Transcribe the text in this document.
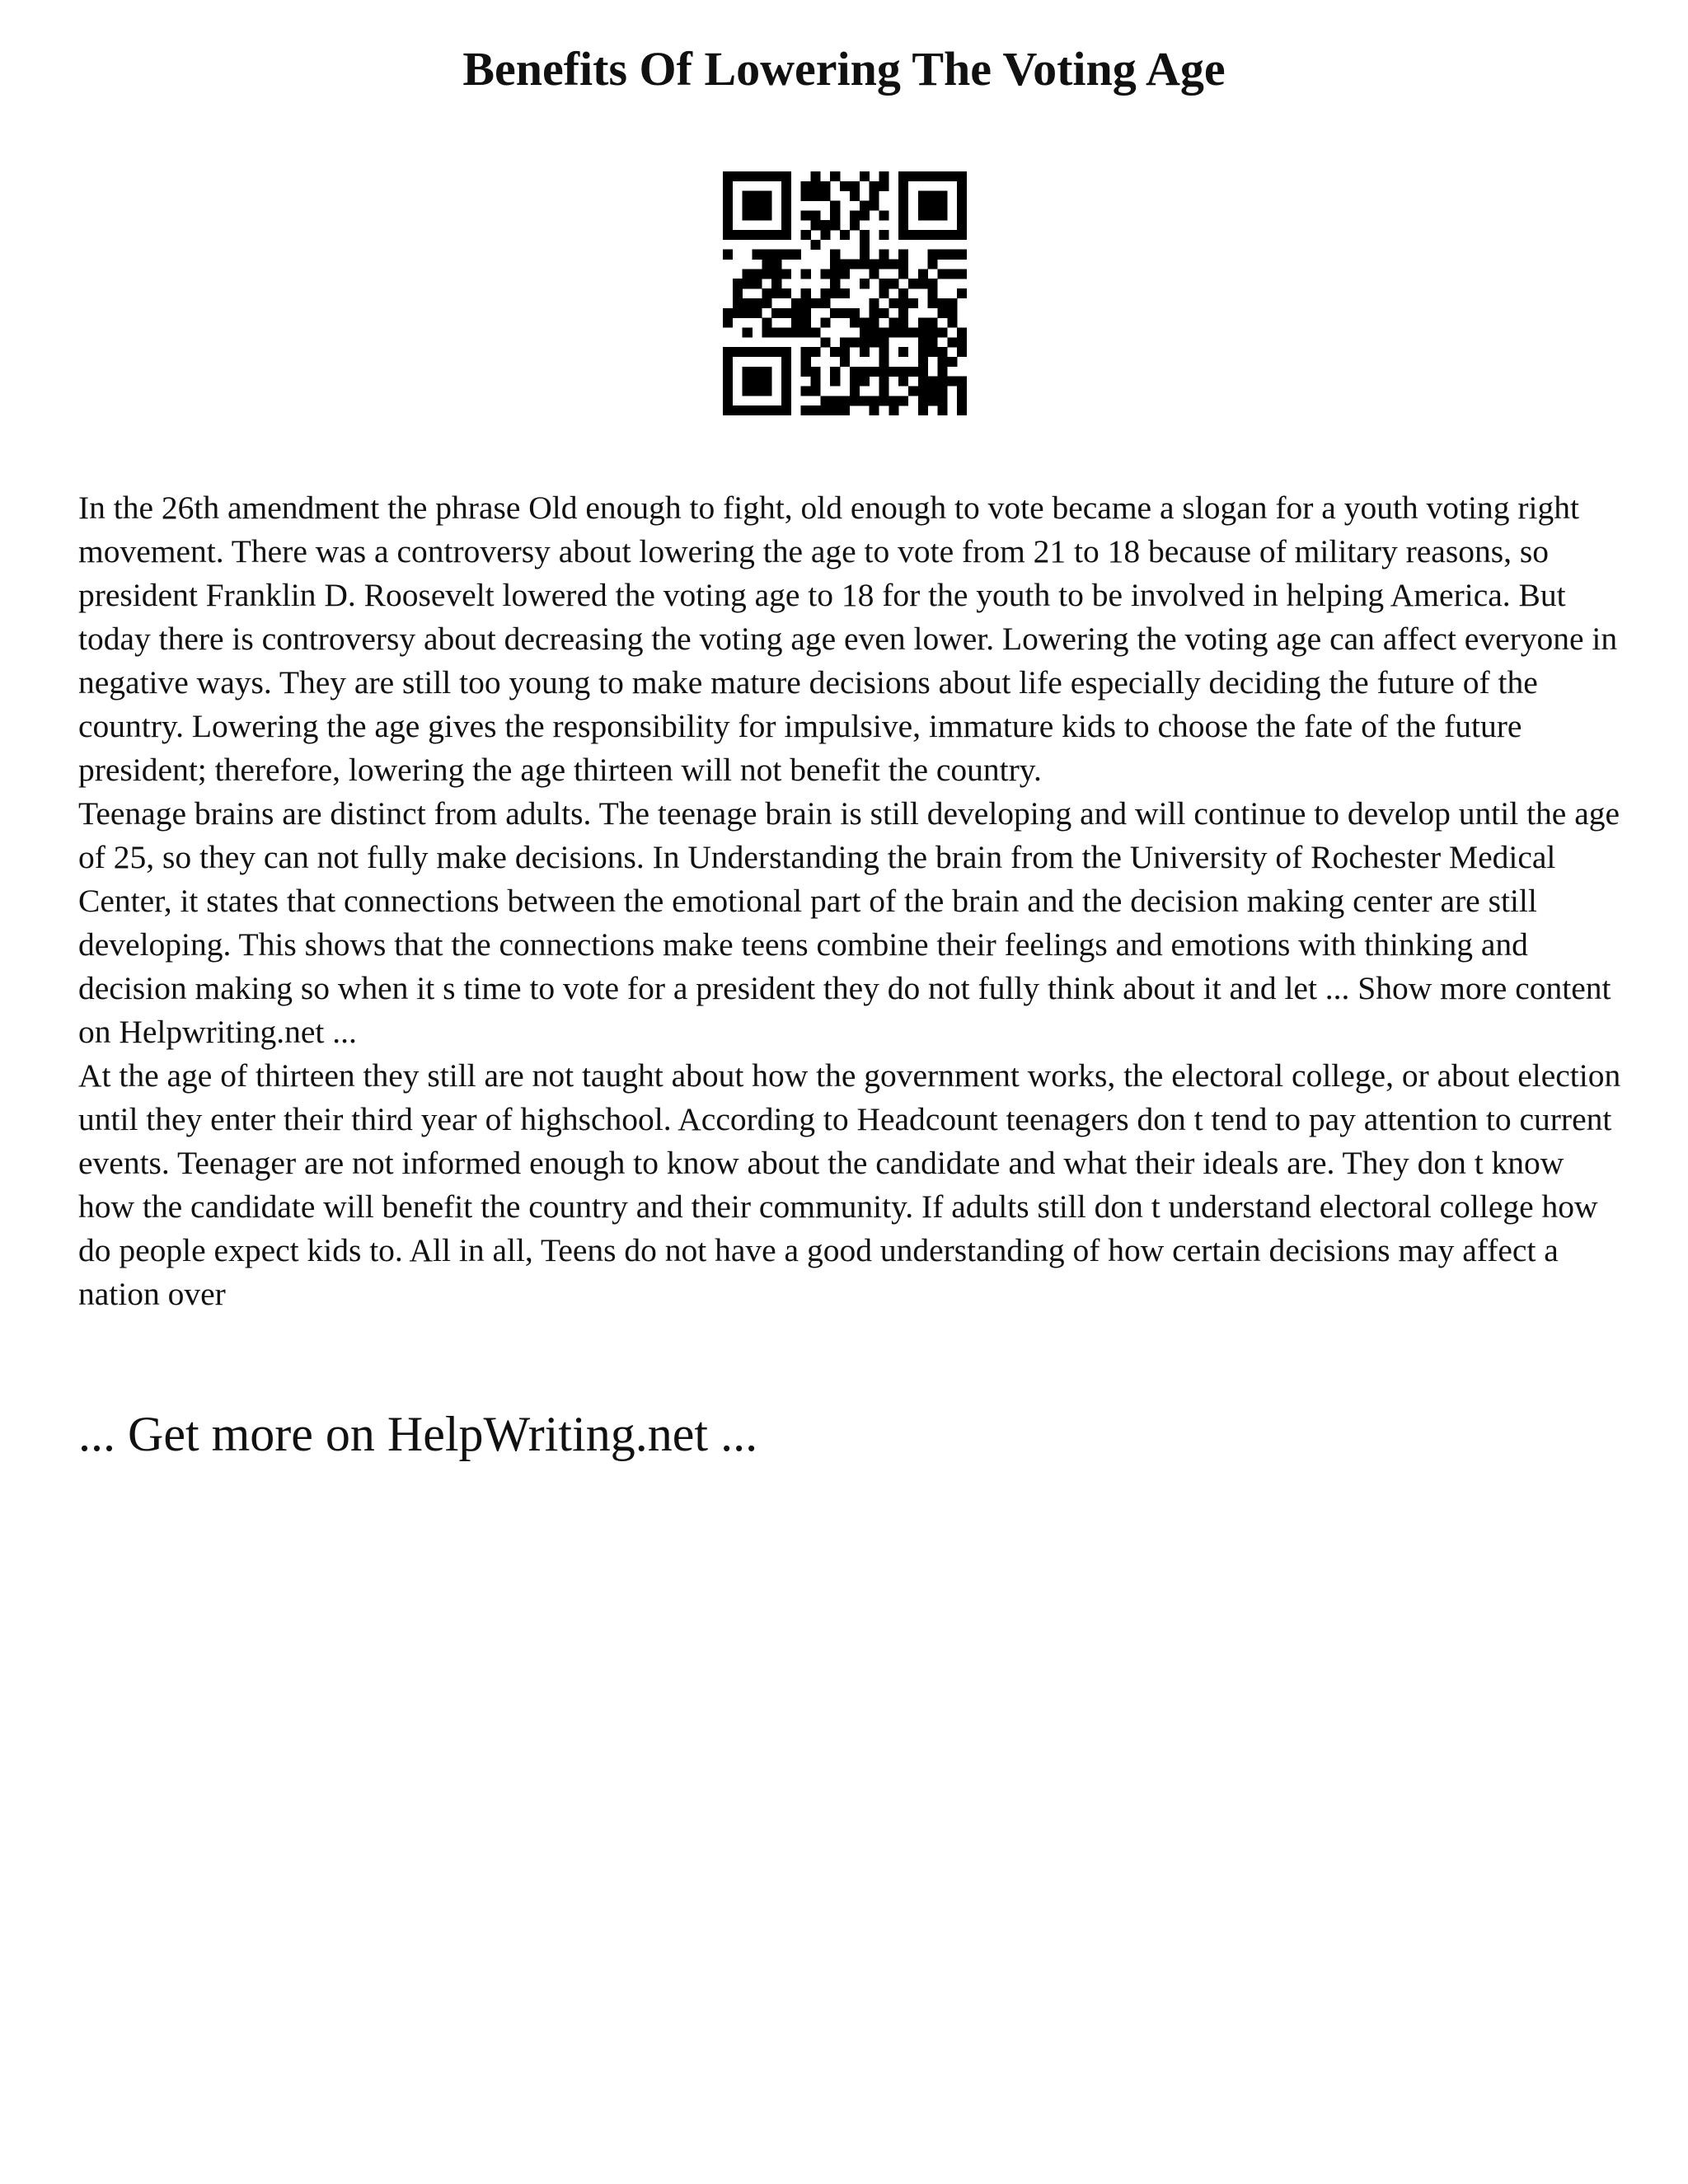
Benefits Of Lowering The Voting Age

In the 26th amendment the phrase Old enough to fight, old enough to vote became a slogan for a youth voting right movement. There was a controversy about lowering the age to vote from 21 to 18 because of military reasons, so president Franklin D. Roosevelt lowered the voting age to 18 for the youth to be involved in helping America. But today there is controversy about decreasing the voting age even lower. Lowering the voting age can affect everyone in negative ways. They are still too young to make mature decisions about life especially deciding the future of the country. Lowering the age gives the responsibility for impulsive, immature kids to choose the fate of the future president; therefore, lowering the age thirteen will not benefit the country.

Teenage brains are distinct from adults. The teenage brain is still developing and will continue to develop until the age of 25, so they can not fully make decisions. In Understanding the brain from the University of Rochester Medical Center, it states that connections between the emotional part of the brain and the decision making center are still developing. This shows that the connections make teens combine their feelings and emotions with thinking and decision making so when it s time to vote for a president they do not fully think about it and let ... Show more content on Helpwriting.net ...

At the age of thirteen they still are not taught about how the government works, the electoral college, or about election until they enter their third year of highschool. According to Headcount teenagers don t tend to pay attention to current events. Teenager are not informed enough to know about the candidate and what their ideals are. They don t know how the candidate will benefit the country and their community. If adults still don t understand electoral college how do people expect kids to. All in all, Teens do not have a good understanding of how certain decisions may affect a nation over

... Get more on HelpWriting.net ...
